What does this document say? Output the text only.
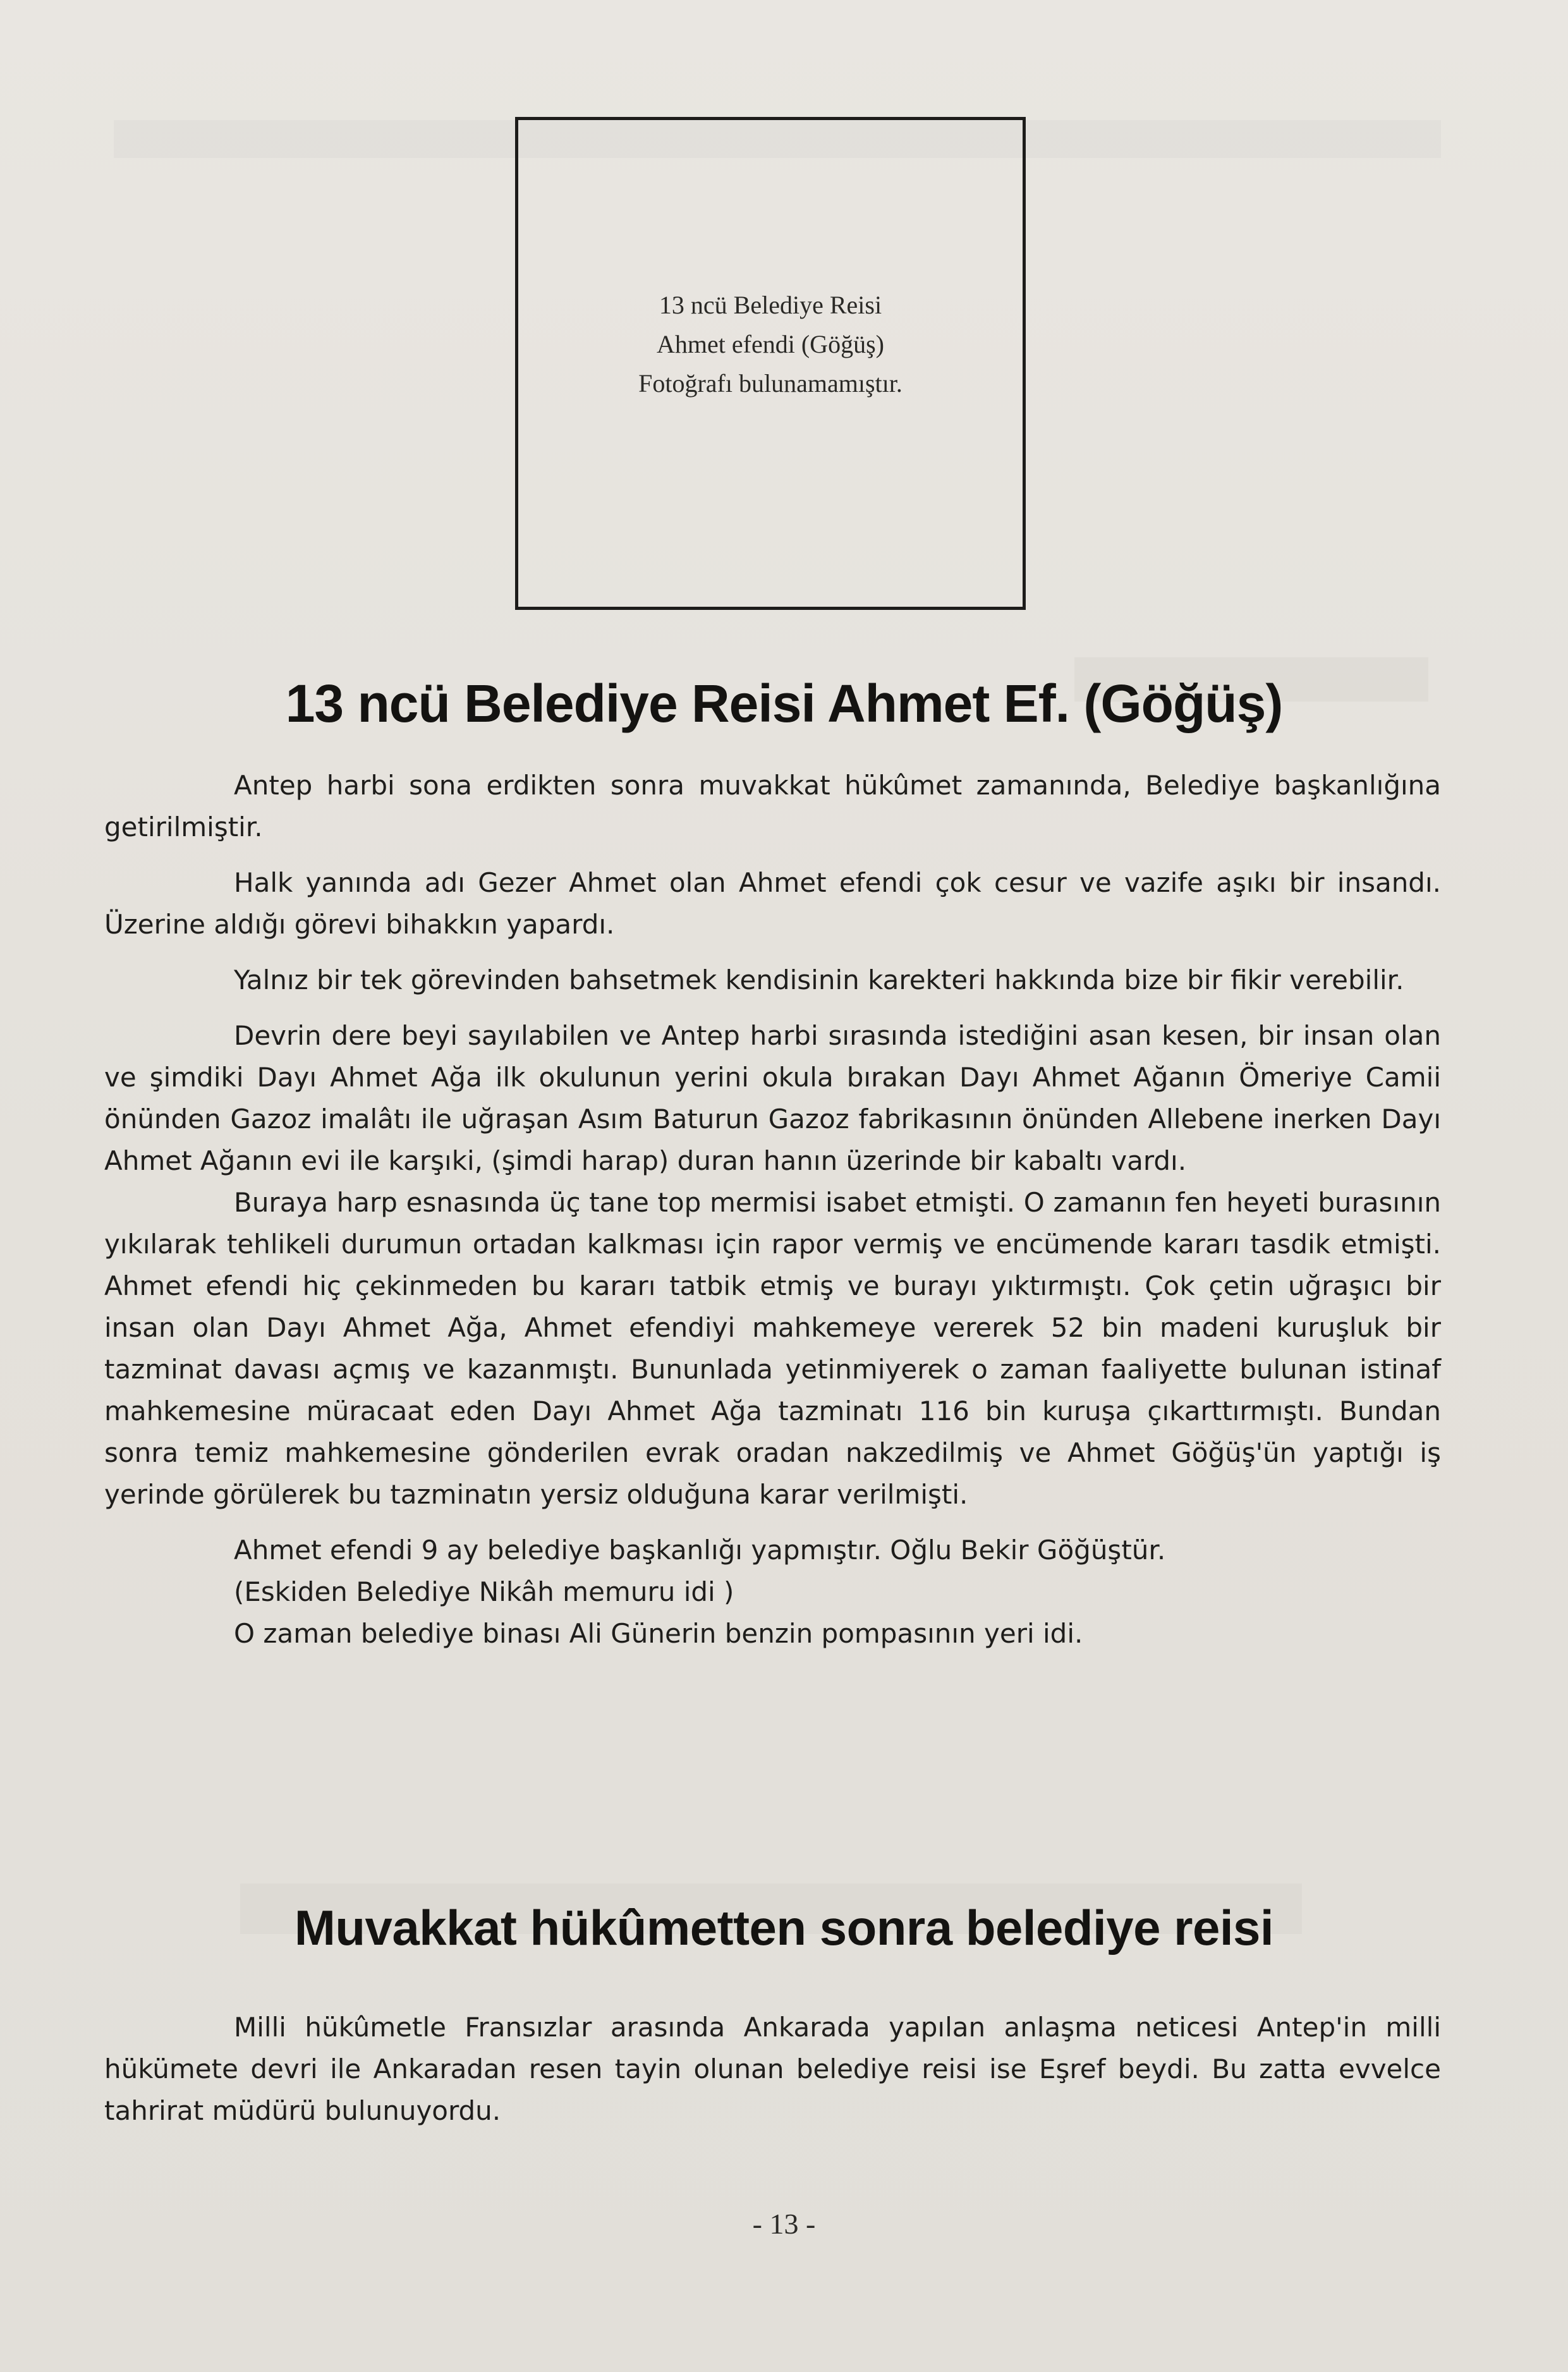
13 ncü Belediye Reisi
Ahmet efendi (Göğüş)
Fotoğrafı bulunamamıştır.
13 ncü Belediye Reisi Ahmet Ef. (Göğüş)

Antep harbi sona erdikten sonra muvakkat hükûmet zamanında, Belediye başkanlığına getirilmiştir.

Halk yanında adı Gezer Ahmet olan Ahmet efendi çok cesur ve vazife aşıkı bir insandı. Üzerine aldığı görevi bihakkın yapardı.

Yalnız bir tek görevinden bahsetmek kendisinin karekteri hakkında bize bir fikir verebilir.

Devrin dere beyi sayılabilen ve Antep harbi sırasında istediğini asan kesen, bir insan olan ve şimdiki Dayı Ahmet Ağa ilk okulunun yerini okula bırakan Dayı Ahmet Ağanın Ömeriye Camii önünden Gazoz imalâtı ile uğraşan Asım Baturun Gazoz fabrikasının önünden Allebene inerken Dayı Ahmet Ağanın evi ile karşıki, (şimdi harap) duran hanın üzerinde bir kabaltı vardı.

Buraya harp esnasında üç tane top mermisi isabet etmişti. O zamanın fen heyeti burasının yıkılarak tehlikeli durumun ortadan kalkması için rapor vermiş ve encümende kararı tasdik etmişti. Ahmet efendi hiç çekinmeden bu kararı tatbik etmiş ve burayı yıktırmıştı. Çok çetin uğraşıcı bir insan olan Dayı Ahmet Ağa, Ahmet efendiyi mahkemeye vererek 52 bin madeni kuruşluk bir tazminat davası açmış ve kazanmıştı. Bununlada yetinmiyerek o zaman faaliyette bulunan istinaf mahkemesine müracaat eden Dayı Ahmet Ağa tazminatı 116 bin kuruşa çıkarttırmıştı. Bundan sonra temiz mahkemesine gönderilen evrak oradan nakzedilmiş ve Ahmet Göğüş'ün yaptığı iş yerinde görülerek bu tazminatın yersiz olduğuna karar verilmişti.

Ahmet efendi 9 ay belediye başkanlığı yapmıştır. Oğlu Bekir Göğüştür.
(Eskiden Belediye Nikâh memuru idi )
O zaman belediye binası Ali Günerin benzin pompasının yeri idi.
Muvakkat hükûmetten sonra belediye reisi

Milli hükûmetle Fransızlar arasında Ankarada yapılan anlaşma neticesi Antep'in milli hükümete devri ile Ankaradan resen tayin olunan belediye reisi ise Eşref beydi. Bu zatta evvelce tahrirat müdürü bulunuyordu.

- 13 -
